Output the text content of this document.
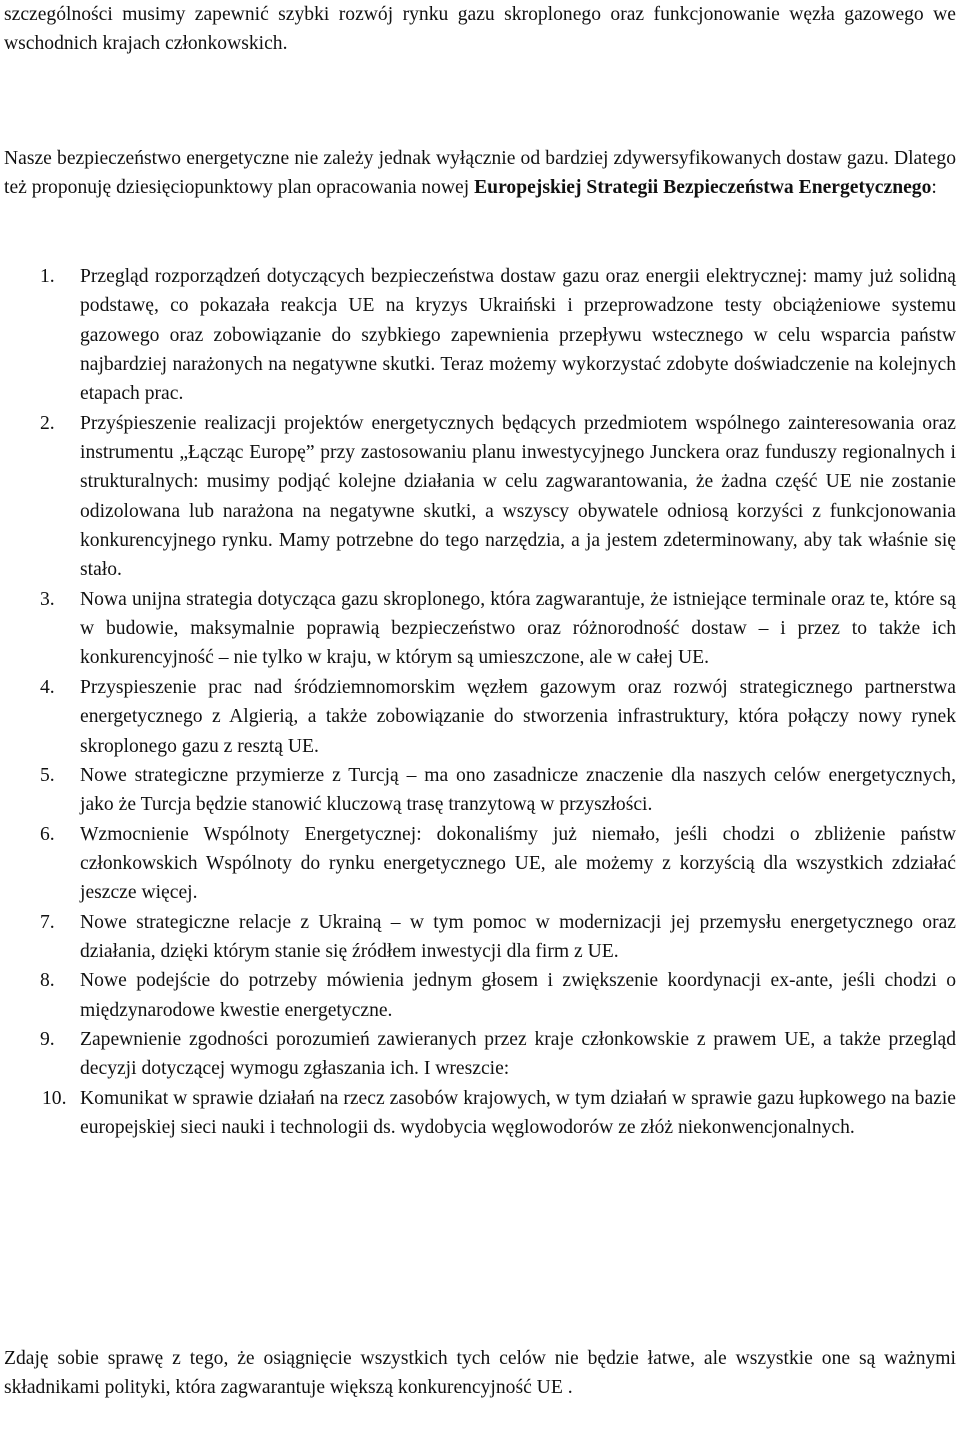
szczególności musimy zapewnić szybki rozwój rynku gazu skroplonego oraz funkcjonowanie węzła gazowego we wschodnich krajach członkowskich.

Nasze bezpieczeństwo energetyczne nie zależy jednak wyłącznie od bardziej zdywersyfikowanych dostaw gazu. Dlatego też proponuję dziesięciopunktowy plan opracowania nowej Europejskiej Strategii Bezpieczeństwa Energetycznego:

1.	Przegląd rozporządzeń dotyczących bezpieczeństwa dostaw gazu oraz energii elektrycznej: mamy już solidną podstawę, co pokazała reakcja UE na kryzys Ukraiński i przeprowadzone testy obciążeniowe systemu gazowego oraz zobowiązanie do szybkiego zapewnienia przepływu wstecznego w celu wsparcia państw najbardziej narażonych na negatywne skutki. Teraz możemy wykorzystać zdobyte doświadczenie na kolejnych etapach prac.
2.	Przyśpieszenie realizacji projektów energetycznych będących przedmiotem wspólnego zainteresowania oraz instrumentu „Łącząc Europę” przy zastosowaniu planu inwestycyjnego Junckera oraz funduszy regionalnych i strukturalnych: musimy podjąć kolejne działania w celu zagwarantowania, że żadna część UE nie zostanie odizolowana lub narażona na negatywne skutki, a wszyscy obywatele odniosą korzyści z funkcjonowania konkurencyjnego rynku. Mamy potrzebne do tego narzędzia, a ja jestem zdeterminowany, aby tak właśnie się stało.
3.	Nowa unijna strategia dotycząca gazu skroplonego, która zagwarantuje, że istniejące terminale oraz te, które są w budowie, maksymalnie poprawią bezpieczeństwo oraz różnorodność dostaw – i przez to także ich konkurencyjność – nie tylko w kraju, w którym są umieszczone, ale w całej UE.
4.	Przyspieszenie prac nad śródziemnomorskim węzłem gazowym oraz rozwój strategicznego partnerstwa energetycznego z Algierią, a także zobowiązanie do stworzenia infrastruktury, która połączy nowy rynek skroplonego gazu z resztą UE.
5.	Nowe strategiczne przymierze z Turcją – ma ono zasadnicze znaczenie dla naszych celów energetycznych, jako że Turcja będzie stanowić kluczową trasę tranzytową w przyszłości.
6.	Wzmocnienie Wspólnoty Energetycznej: dokonaliśmy już niemało, jeśli chodzi o zbliżenie państw członkowskich Wspólnoty do rynku energetycznego UE, ale możemy z korzyścią dla wszystkich zdziałać jeszcze więcej.
7.	Nowe strategiczne relacje z Ukrainą – w tym pomoc w modernizacji jej przemysłu energetycznego oraz działania, dzięki którym stanie się źródłem inwestycji dla firm z UE.
8.	Nowe podejście do potrzeby mówienia jednym głosem i zwiększenie koordynacji ex-ante, jeśli chodzi o międzynarodowe kwestie energetyczne.
9.	Zapewnienie zgodności porozumień zawieranych przez kraje członkowskie z prawem UE, a także przegląd decyzji dotyczącej wymogu zgłaszania ich. I wreszcie:
10. Komunikat w sprawie działań na rzecz zasobów krajowych, w tym działań w sprawie gazu łupkowego na bazie europejskiej sieci nauki i technologii ds. wydobycia węglowodorów ze złóż niekonwencjonalnych.

Zdaję sobie sprawę z tego, że osiągnięcie wszystkich tych celów nie będzie łatwe, ale wszystkie one są ważnymi składnikami polityki, która zagwarantuje większą konkurencyjność UE .
